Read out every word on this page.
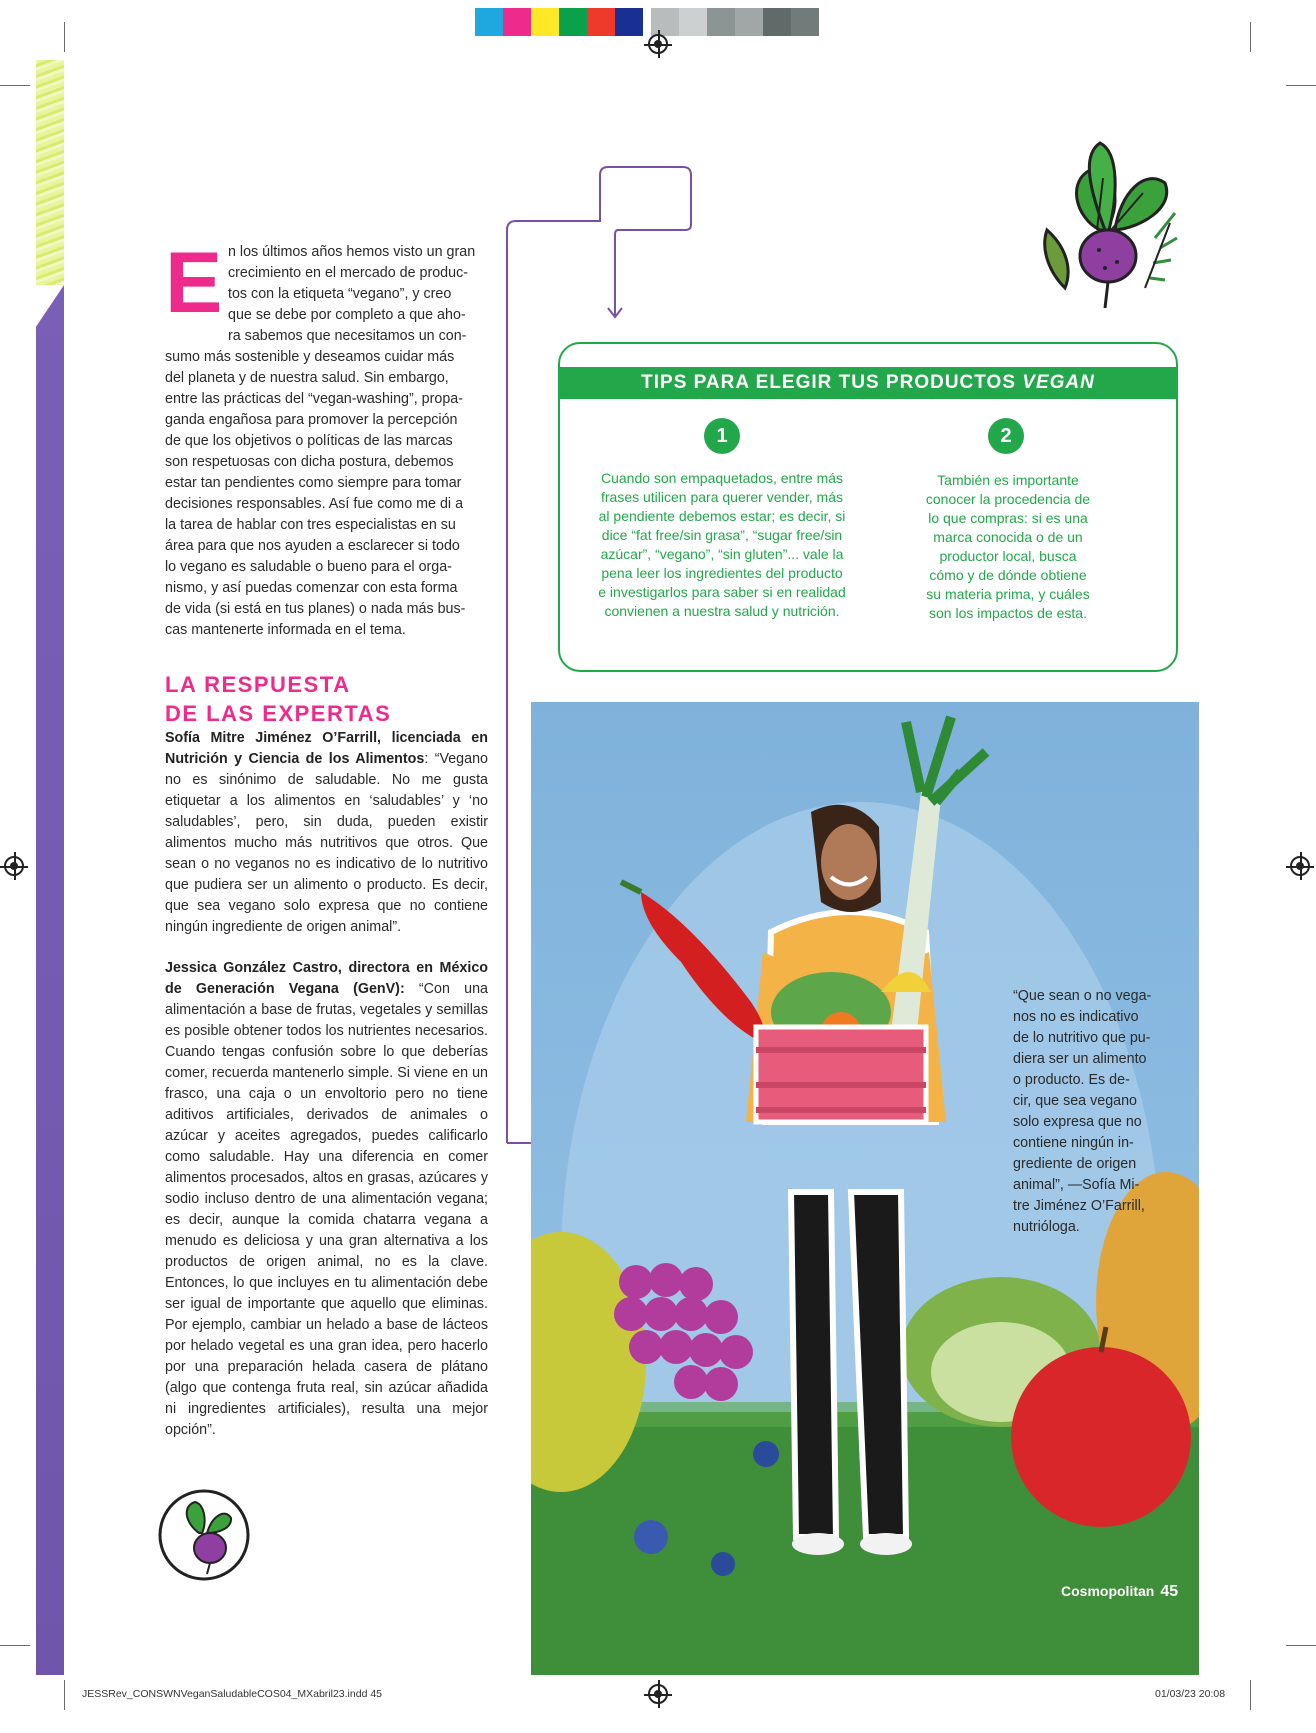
E n los últimos años hemos visto un gran
crecimiento en el mercado de produc-
tos con la etiqueta “vegano”, y creo
que se debe por completo a que aho-
ra sabemos que necesitamos un con-
sumo más sostenible y deseamos cuidar más
del planeta y de nuestra salud. Sin embargo,
entre las prácticas del “vegan-washing”, propa-
ganda engañosa para promover la percepción
de que los objetivos o políticas de las marcas
son respetuosas con dicha postura, debemos
estar tan pendientes como siempre para tomar
decisiones responsables. Así fue como me di a
la tarea de hablar con tres especialistas en su
área para que nos ayuden a esclarecer si todo
lo vegano es saludable o bueno para el orga-
nismo, y así puedas comenzar con esta forma
de vida (si está en tus planes) o nada más bus-
cas mantenerte informada en el tema.
LA RESPUESTA
DE LAS EXPERTAS

Sofía Mitre Jiménez O’Farrill, licenciada en Nutrición y Ciencia de los Alimentos: “Vegano no es sinónimo de saludable. No me gusta etiquetar a los alimentos en ‘saludables’ y ‘no saludables’, pero, sin duda, pueden existir alimentos mucho más nutritivos que otros. Que sean o no veganos no es indicativo de lo nutritivo que pudiera ser un alimento o producto. Es decir, que sea vegano solo expresa que no contiene ningún ingrediente de origen animal”.

Jessica González Castro, directora en México de Generación Vegana (GenV): “Con una alimentación a base de frutas, vegetales y semillas es posible obtener todos los nutrientes necesarios. Cuando tengas confusión sobre lo que deberías comer, recuerda mantenerlo simple. Si viene en un frasco, una caja o un envoltorio pero no tiene aditivos artificiales, derivados de animales o azúcar y aceites agregados, puedes calificarlo como saludable. Hay una diferencia en comer alimentos procesados, altos en grasas, azúcares y sodio incluso dentro de una alimentación vegana; es decir, aunque la comida chatarra vegana a menudo es deliciosa y una gran alternativa a los productos de origen animal, no es la clave. Entonces, lo que incluyes en tu alimentación debe ser igual de importante que aquello que eliminas. Por ejemplo, cambiar un helado a base de lácteos por helado vegetal es una gran idea, pero hacerlo por una preparación helada casera de plátano (algo que contenga fruta real, sin azúcar añadida ni ingredientes artificiales), resulta una mejor opción”.

TIPS PARA ELEGIR TUS PRODUCTOS VEGAN
1
Cuando son empaquetados, entre más
frases utilicen para querer vender, más
al pendiente debemos estar; es decir, si
dice “fat free/sin grasa”, “sugar free/sin
azúcar”, “vegano”, “sin gluten”... vale la
pena leer los ingredientes del producto
e investigarlos para saber si en realidad
convienen a nuestra salud y nutrición.
2
También es importante
conocer la procedencia de
lo que compras: si es una
marca conocida o de un
productor local, busca
cómo y de dónde obtiene
su materia prima, y cuáles
son los impactos de esta.
“Que sean o no vega-
nos no es indicativo
de lo nutritivo que pu-
diera ser un alimento
o producto. Es de-
cir, que sea vegano
solo expresa que no
contiene ningún in-
grediente de origen
animal”, —Sofía Mi-
tre Jiménez O’Farrill,
nutrióloga.
Cosmopolitan 45
JESSRev_CONSWNVeganSaludableCOS04_MXabril23.indd 45	01/03/23 20:08
